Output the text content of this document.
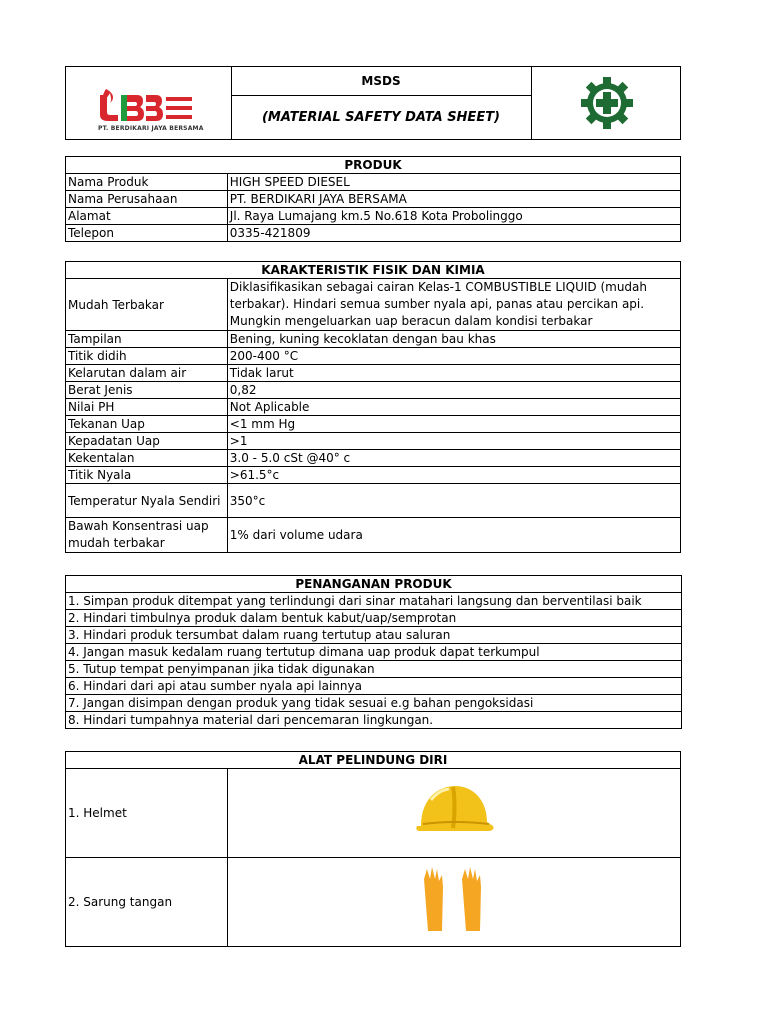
PT. BERDIKARI JAYA BERSAMA
MSDS
(MATERIAL SAFETY DATA SHEET)
PRODUK	
Nama Produk	HIGH SPEED DIESEL
Nama Perusahaan	PT. BERDIKARI JAYA BERSAMA
Alamat	Jl. Raya Lumajang km.5 No.618 Kota Probolinggo
Telepon	0335-421809
KARAKTERISTIK FISIK DAN KIMIA	
Mudah Terbakar	Diklasifikasikan sebagai cairan Kelas-1 COMBUSTIBLE LIQUID (mudah terbakar). Hindari semua sumber nyala api, panas atau percikan api. Mungkin mengeluarkan uap beracun dalam kondisi terbakar
Tampilan	Bening, kuning kecoklatan dengan bau khas
Titik didih	200-400 °C
Kelarutan dalam air	Tidak larut
Berat Jenis	0,82
Nilai PH	Not Aplicable
Tekanan Uap	<1 mm Hg
Kepadatan Uap	>1
Kekentalan	3.0 - 5.0 cSt @40° c
Titik Nyala	>61.5°c
Temperatur Nyala Sendiri	350°c
Bawah Konsentrasi uap mudah terbakar	1% dari volume udara
PENANGANAN PRODUK
1. Simpan produk ditempat yang terlindungi dari sinar matahari langsung dan berventilasi baik
2. Hindari timbulnya produk dalam bentuk kabut/uap/semprotan
3. Hindari produk tersumbat dalam ruang tertutup atau saluran
4. Jangan masuk kedalam ruang tertutup dimana uap produk dapat terkumpul
5. Tutup tempat penyimpanan jika tidak digunakan
6. Hindari dari api atau sumber nyala api lainnya
7. Jangan disimpan dengan produk yang tidak sesuai e.g bahan pengoksidasi
8. Hindari tumpahnya material dari pencemaran lingkungan.
ALAT PELINDUNG DIRI	
1. Helmet	
2. Sarung tangan	
